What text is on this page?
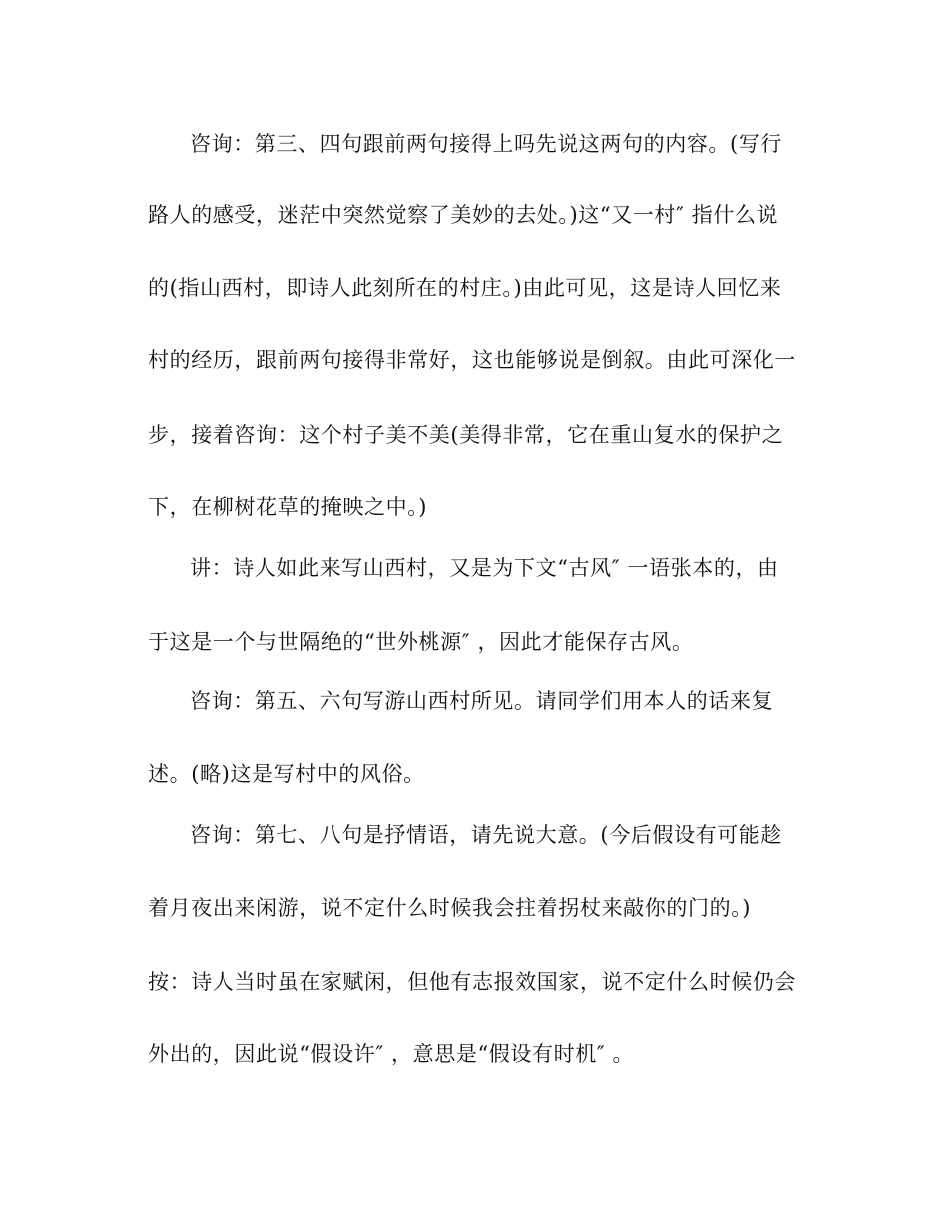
咨询：第三、四句跟前两句接得上吗先说这两句的内容。(写行
路人的感受，迷茫中突然觉察了美妙的去处。)这“又一村″ 指什么说
的(指山西村，即诗人此刻所在的村庄。)由此可见，这是诗人回忆来
村的经历，跟前两句接得非常好，这也能够说是倒叙。由此可深化一
步，接着咨询：这个村子美不美(美得非常，它在重山复水的保护之
下，在柳树花草的掩映之中。)
讲：诗人如此来写山西村，又是为下文“古风″ 一语张本的，由
于这是一个与世隔绝的“世外桃源″ ，因此才能保存古风。
咨询：第五、六句写游山西村所见。请同学们用本人的话来复
述。(略)这是写村中的风俗。
咨询：第七、八句是抒情语，请先说大意。(今后假设有可能趁
着月夜出来闲游，说不定什么时候我会拄着拐杖来敲你的门的。)
按：诗人当时虽在家赋闲，但他有志报效国家，说不定什么时候仍会
外出的，因此说“假设许″ ，意思是“假设有时机″ 。
